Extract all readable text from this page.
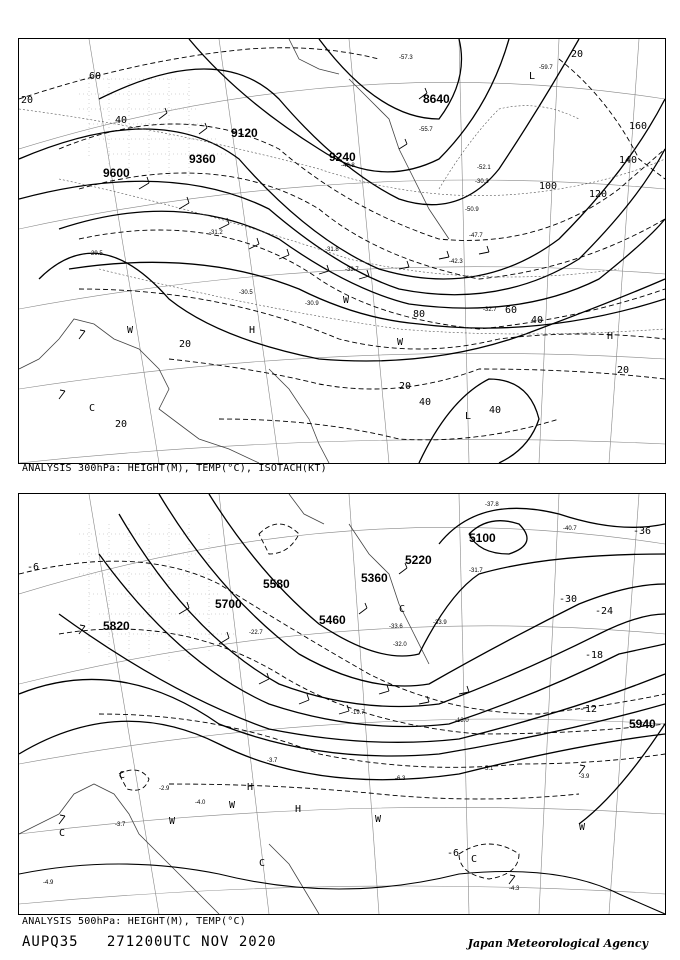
9360
9120
9240
8640
9600
20
40
60
80
100
120
140
160
20
40
40
20
20
60
40
20
20
-31.2
-30.5
-30.9
-33.7
-42.3
-47.7
-50.9
-57.3
-59.7
-29.5
-32.7
-48.8
-30.3
-31.8
-52.1
-55.7
H
H
L
L
C
W
W
W
ANALYSIS 300hPa: HEIGHT(M), TEMP(°C), ISOTACH(KT)
5100
5220
5360
5460
5580
5700
5820
5940
-6
-12
-18
-24
-30
-36
-6
-33.6
-33.9
-32.0
-19.7
-13.0
-6.3
-3.7
-5.1
-3.9
-4.3
-2.9
-4.0
-3.7
-4.9
-37.8
-40.7
-31.7
-22.7
H
H
C
C
C	C
C
W
W	W
W
ANALYSIS 500hPa: HEIGHT(M), TEMP(°C)
AUPQ35 271200UTC NOV 2020	Japan Meteorological Agency
